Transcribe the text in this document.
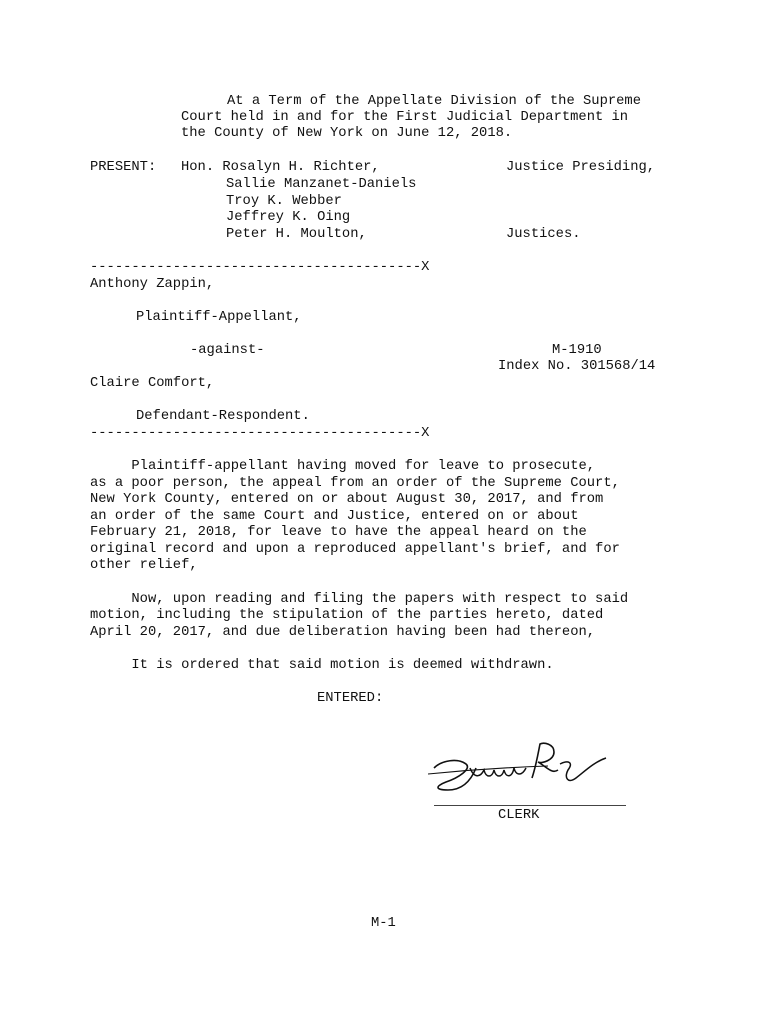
At a Term of the Appellate Division of the Supreme
Court held in and for the First Judicial Department in
the County of New York on June 12, 2018.
PRESENT: Hon. Rosalyn H. Richter,	Justice Presiding,
Sallie Manzanet-Daniels
Troy K. Webber
Jeffrey K. Oing
Peter H. Moulton,	Justices.
----------------------------------------X
Anthony Zappin,
Plaintiff-Appellant,
-against-	M-1910
Index No. 301568/14
Claire Comfort,
Defendant-Respondent.
----------------------------------------X
Plaintiff-appellant having moved for leave to prosecute,
as a poor person, the appeal from an order of the Supreme Court,
New York County, entered on or about August 30, 2017, and from
an order of the same Court and Justice, entered on or about
February 21, 2018, for leave to have the appeal heard on the
original record and upon a reproduced appellant's brief, and for
other relief,
Now, upon reading and filing the papers with respect to said
motion, including the stipulation of the parties hereto, dated
April 20, 2017, and due deliberation having been had thereon,
It is ordered that said motion is deemed withdrawn.
ENTERED:
CLERK
M-1
